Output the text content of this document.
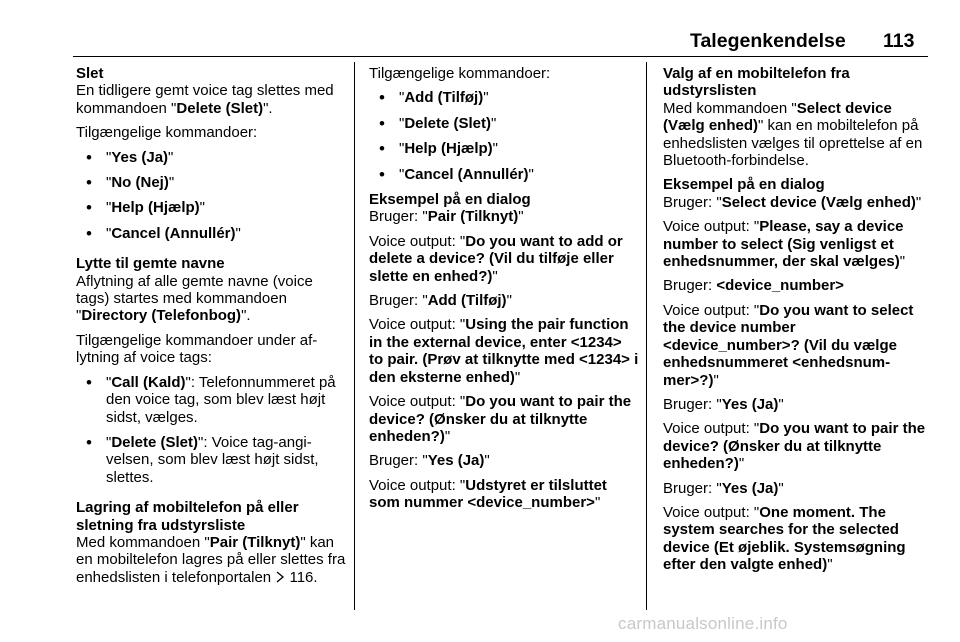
Talegenkendelse 113

Slet

En tidligere gemt voice tag slettes med kommandoen "Delete (Slet)".

Tilgængelige kommandoer:

• "Yes (Ja)"
• "No (Nej)"
• "Help (Hjælp)"
• "Cancel (Annullér)"

Lytte til gemte navne

Aflytning af alle gemte navne (voice tags) startes med kommandoen "Directory (Telefonbog)".

Tilgængelige kommandoer under aflytning af voice tags:

• "Call (Kald)": Telefonnummeret på den voice tag, som blev læst højt sidst, vælges.
• "Delete (Slet)": Voice tag-angivelsen, som blev læst højt sidst, slettes.

Lagring af mobiltelefon på eller sletning fra udstyrsliste

Med kommandoen "Pair (Tilknyt)" kan en mobiltelefon lagres på eller slettes fra enhedslisten i telefonportalen 116.

Tilgængelige kommandoer:

• "Add (Tilføj)"
• "Delete (Slet)"
• "Help (Hjælp)"
• "Cancel (Annullér)"

Eksempel på en dialog

Bruger: "Pair (Tilknyt)"

Voice output: "Do you want to add or delete a device? (Vil du tilføje eller slette en enhed?)"

Bruger: "Add (Tilføj)"

Voice output: "Using the pair function in the external device, enter <1234> to pair. (Prøv at tilknytte med <1234> i den eksterne enhed)"

Voice output: "Do you want to pair the device? (Ønsker du at tilknytte enheden?)"

Bruger: "Yes (Ja)"

Voice output: "Udstyret er tilsluttet som nummer <device_number>"

Valg af en mobiltelefon fra udstyrslisten

Med kommandoen "Select device (Vælg enhed)" kan en mobiltelefon på enhedslisten vælges til oprettelse af en Bluetooth-forbindelse.

Eksempel på en dialog

Bruger: "Select device (Vælg enhed)"

Voice output: "Please, say a device number to select (Sig venligst et enhedsnummer, der skal vælges)"

Bruger: <device_number>

Voice output: "Do you want to select the device number <device_number>? (Vil du vælge enhedsnummeret <enhedsnummer>?)"

Bruger: "Yes (Ja)"

Voice output: "Do you want to pair the device? (Ønsker du at tilknytte enheden?)"

Bruger: "Yes (Ja)"

Voice output: "One moment. The system searches for the selected device (Et øjeblik. Systemsøgning efter den valgte enhed)"

carmanualsonline.info
